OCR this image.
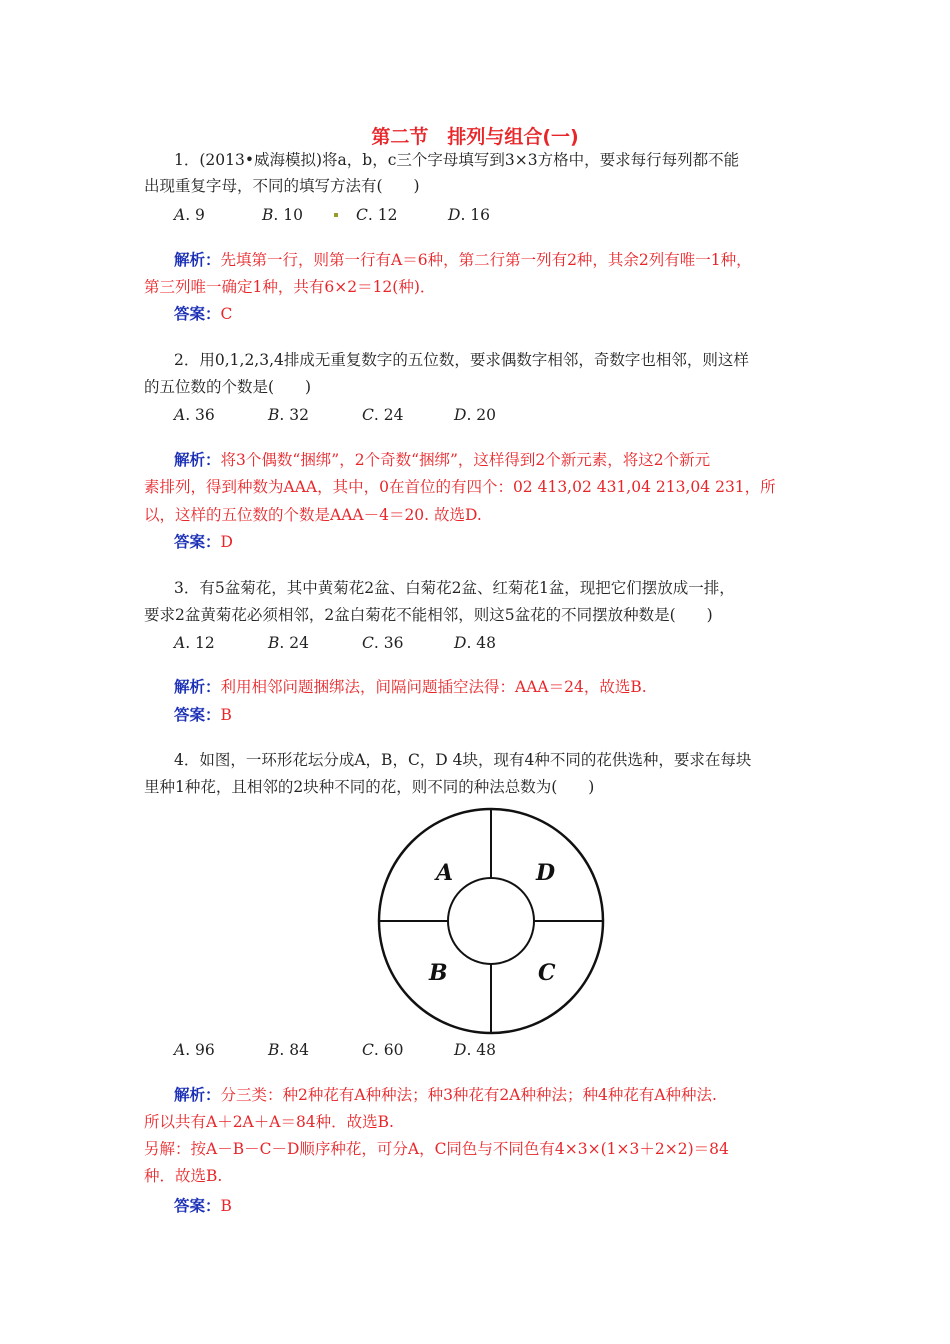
第二节　排列与组合(一)
1．(2013•威海模拟)将a，b，c三个字母填写到3×3方格中，要求每行每列都不能
出现重复字母，不同的填写方法有(　　)
A. 9	B. 10	C. 12	D. 16
解析：先填第一行，则第一行有A＝6种，第二行第一列有2种，其余2列有唯一1种，
第三列唯一确定1种，共有6×2＝12(种)．
答案：C
2．用0,1,2,3,4排成无重复数字的五位数，要求偶数字相邻，奇数字也相邻，则这样
的五位数的个数是(　　)
A. 36	B. 32	C. 24	D. 20
解析：将3个偶数“捆绑”，2个奇数“捆绑”，这样得到2个新元素，将这2个新元
素排列，得到种数为AAA，其中，0在首位的有四个：02 413,02 431,04 213,04 231，所
以，这样的五位数的个数是AAA－4＝20. 故选D.
答案：D
3．有5盆菊花，其中黄菊花2盆、白菊花2盆、红菊花1盆，现把它们摆放成一排，
要求2盆黄菊花必须相邻，2盆白菊花不能相邻，则这5盆花的不同摆放种数是(　　)
A. 12	B. 24	C. 36	D. 48
解析：利用相邻问题捆绑法，间隔问题插空法得：AAA＝24，故选B.
答案：B
4．如图，一环形花坛分成A，B，C，D 4块，现有4种不同的花供选种，要求在每块
里种1种花，且相邻的2块种不同的花，则不同的种法总数为(　　)
A	D
B	C
A. 96	B. 84	C. 60	D. 48
解析：分三类：种2种花有A种种法；种3种花有2A种种法；种4种花有A种种法.
所以共有A＋2A＋A＝84种．故选B.
另解：按A－B－C－D顺序种花，可分A，C同色与不同色有4×3×(1×3＋2×2)＝84
种．故选B.
答案：B
